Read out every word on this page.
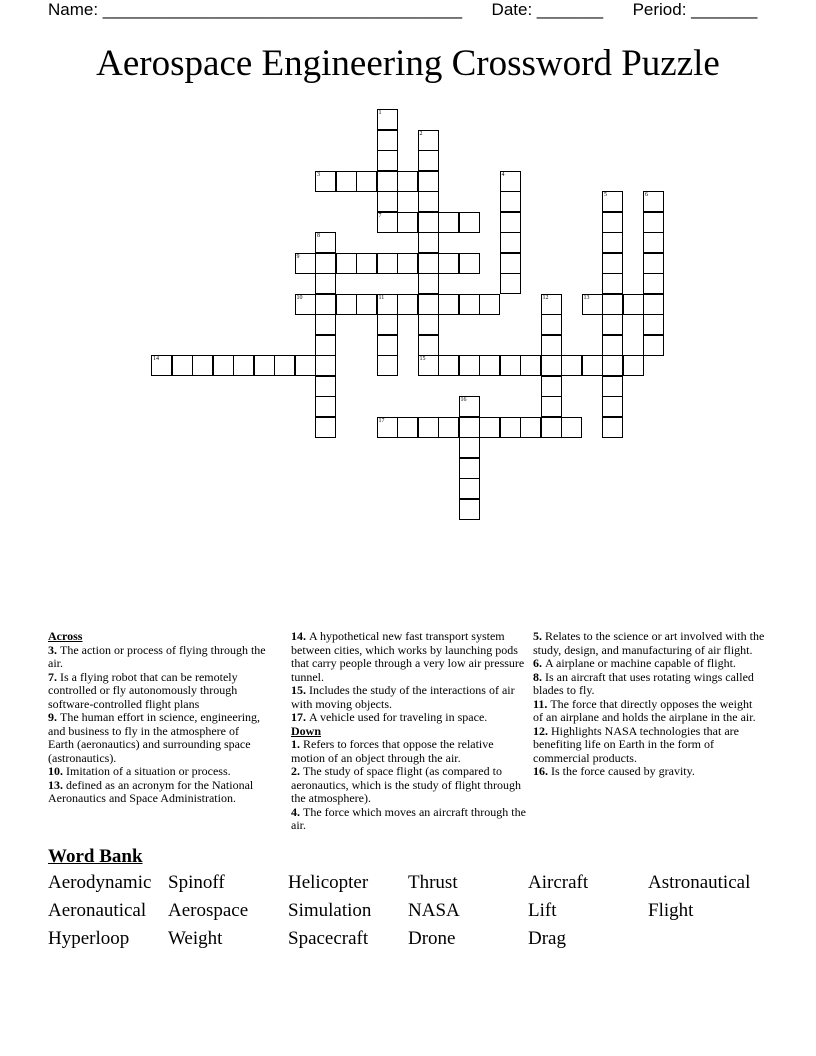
Name: ______________________________________ Date: _______ Period: _______
Aerospace Engineering Crossword Puzzle
1
2
15
3	4
5	6
7
8
9
10	11	12	13
14
16
17
Across
3. The action or process of flying through the air.
7. Is a flying robot that can be remotely controlled or fly autonomously through software-controlled flight plans
9. The human effort in science, engineering, and business to fly in the atmosphere of Earth (aeronautics) and surrounding space (astronautics).
10. Imitation of a situation or process.
13. defined as an acronym for the National Aeronautics and Space Administration.
14. A hypothetical new fast transport system between cities, which works by launching pods that carry people through a very low air pressure tunnel.
15. Includes the study of the interactions of air with moving objects.
17. A vehicle used for traveling in space.
Down
1. Refers to forces that oppose the relative motion of an object through the air.
2. The study of space flight (as compared to aeronautics, which is the study of flight through the atmosphere).
4. The force which moves an aircraft through the air.
5. Relates to the science or art involved with the study, design, and manufacturing of air flight.
6. A airplane or machine capable of flight.
8. Is an aircraft that uses rotating wings called blades to fly.
11. The force that directly opposes the weight of an airplane and holds the airplane in the air.
12. Highlights NASA technologies that are benefiting life on Earth in the form of commercial products.
16. Is the force caused by gravity.
Word Bank
Aerodynamic Spinoff	Helicopter Thrust	Aircraft	Astronautical
Aeronautical Aerospace Simulation NASA	Lift	Flight
Hyperloop Weight	Spacecraft Drone	Drag
